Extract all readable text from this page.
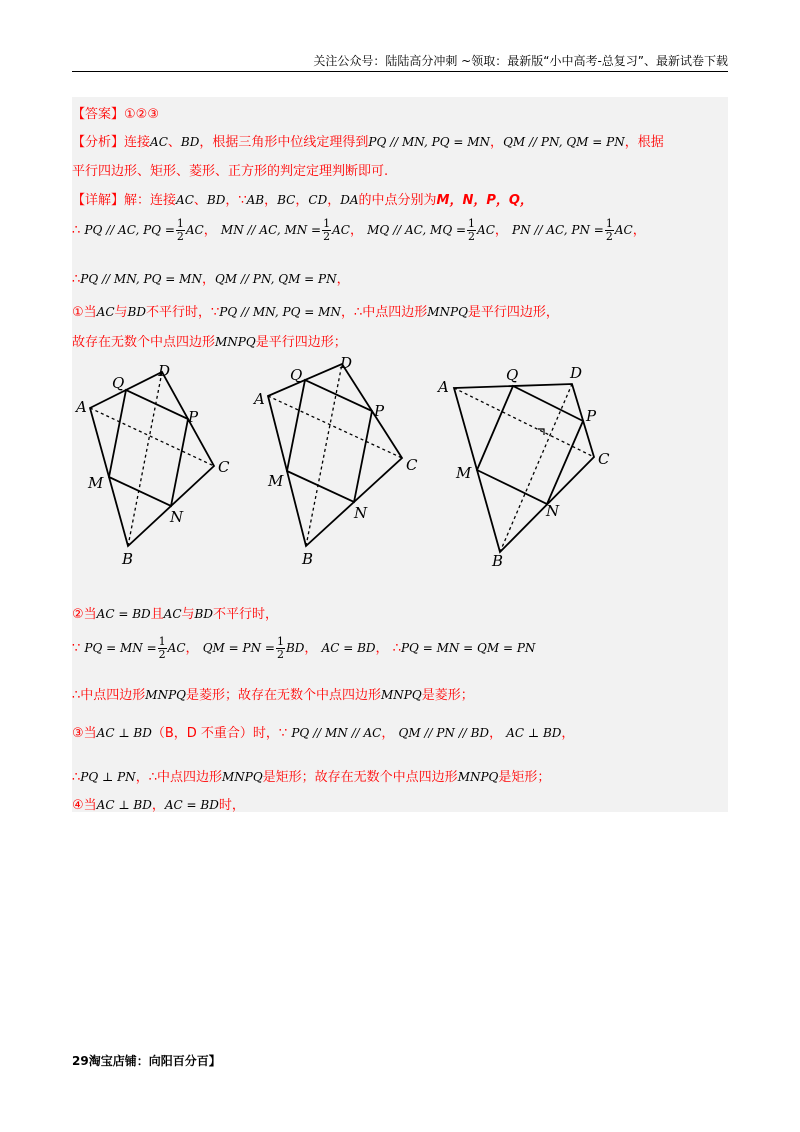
关注公众号：陆陆高分冲刺 ~领取：最新版“小中高考-总复习”、最新试卷下载
【答案】①②③
【分析】连接AC、BD，根据三角形中位线定理得到PQ // MN, PQ = MN，QM // PN, QM = PN，根据
平行四边形、矩形、菱形、正方形的判定定理判断即可.
【详解】解：连接AC、BD，∵AB，BC，CD，DA的中点分别为M，N，P，Q，
∴ PQ // AC, PQ = $\frac{1}{2}$ AC， MN // AC, MN = $\frac{1}{2}$ AC， MQ // AC, MQ = $\frac{1}{2}$ AC， PN // AC, PN = $\frac{1}{2}$ AC，
∴PQ // MN, PQ = MN，QM // PN, QM = PN，
①当AC与BD不平行时，∵PQ // MN, PQ = MN，∴中点四边形MNPQ是平行四边形，
故存在无数个中点四边形MNPQ是平行四边形；
A
B
C
D
M
N
P
Q
A
B
C
D
M
N
P
Q
A
B
C
D
M
N
P
Q
②当AC = BD且AC与BD不平行时，
∵ PQ = MN = $\frac{1}{2}$ AC， QM = PN = $\frac{1}{2}$ BD， AC = BD， ∴PQ = MN = QM = PN
∴中点四边形MNPQ是菱形；故存在无数个中点四边形MNPQ是菱形；
③当AC ⊥ BD（B，D 不重合）时，∵ PQ // MN // AC， QM // PN // BD， AC ⊥ BD，
∴PQ ⊥ PN，∴中点四边形MNPQ是矩形；故存在无数个中点四边形MNPQ是矩形；
④当AC ⊥ BD，AC = BD时，
29淘宝店铺：向阳百分百】
